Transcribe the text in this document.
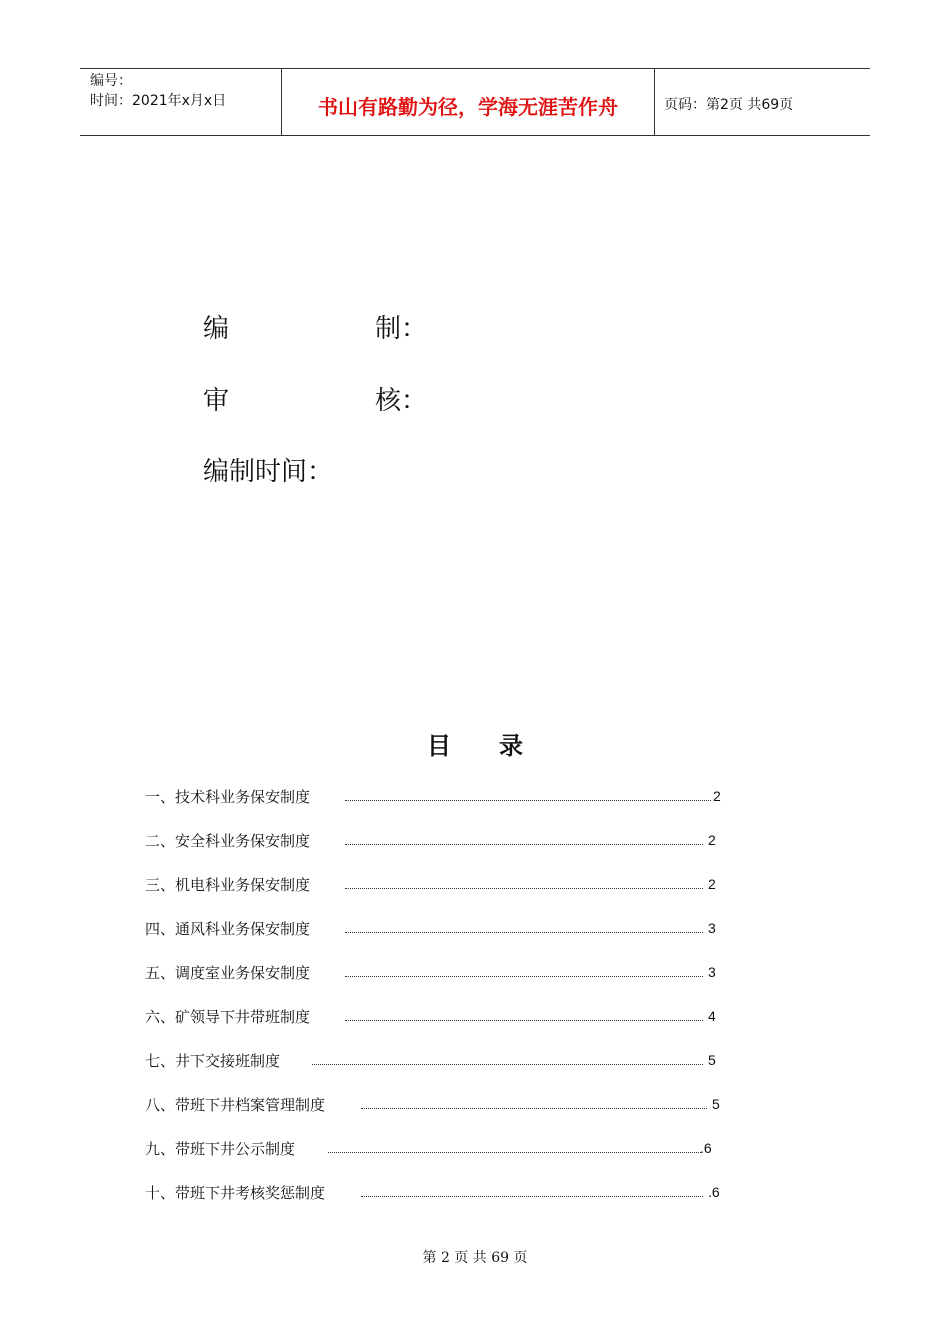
编号：
时间：2021年x月x日	书山有路勤为径，学海无涯苦作舟	页码：第2页 共69页
编	制：
审	核：
编制时间：
目 录
一、技术科业务保安制度	2
二、安全科业务保安制度	2
三、机电科业务保安制度	2
四、通风科业务保安制度	3
五、调度室业务保安制度	3
六、矿领导下井带班制度	4
七、井下交接班制度	5
八、带班下井档案管理制度	5
九、带班下井公示制度	.6
十、带班下井考核奖惩制度	.6
第 2 页 共 69 页
